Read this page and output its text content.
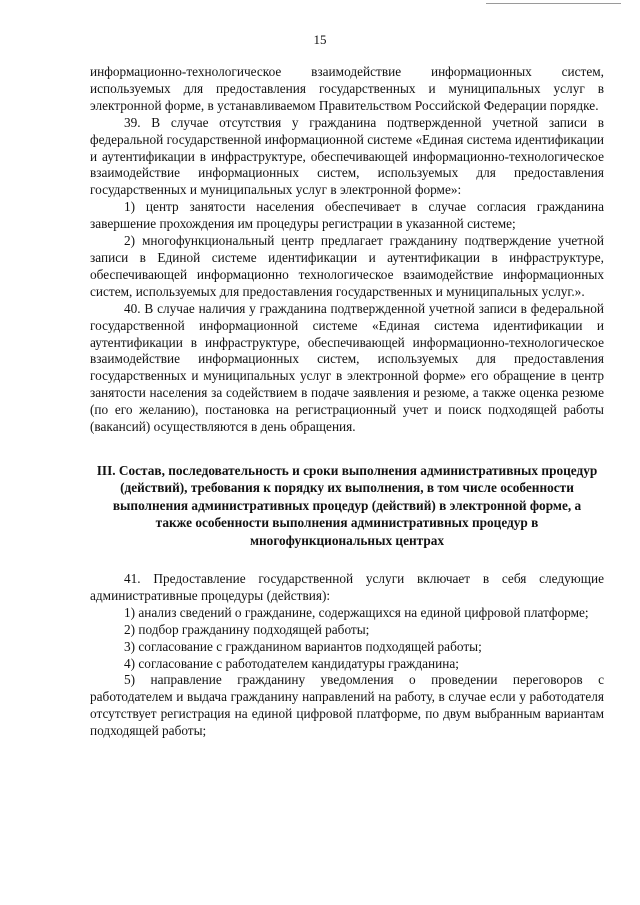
15

информационно-технологическое взаимодействие информационных систем, используемых для предоставления государственных и муниципальных услуг в электронной форме, в устанавливаемом Правительством Российской Федерации порядке.

39. В случае отсутствия у гражданина подтвержденной учетной записи в федеральной государственной информационной системе «Единая система идентификации и аутентификации в инфраструктуре, обеспечивающей информационно-технологическое взаимодействие информационных систем, используемых для предоставления государственных и муниципальных услуг в электронной форме»:

1) центр занятости населения обеспечивает в случае согласия гражданина завершение прохождения им процедуры регистрации в указанной системе;

2) многофункциональный центр предлагает гражданину подтверждение учетной записи в Единой системе идентификации и аутентификации в инфраструктуре, обеспечивающей информационно технологическое взаимодействие информационных систем, используемых для предоставления государственных и муниципальных услуг.».

40. В случае наличия у гражданина подтвержденной учетной записи в федеральной государственной информационной системе «Единая система идентификации и аутентификации в инфраструктуре, обеспечивающей информационно-технологическое взаимодействие информационных систем, используемых для предоставления государственных и муниципальных услуг в электронной форме» его обращение в центр занятости населения за содействием в подаче заявления и резюме, а также оценка резюме (по его желанию), постановка на регистрационный учет и поиск подходящей работы (вакансий) осуществляются в день обращения.

III. Состав, последовательность и сроки выполнения административных процедур (действий), требования к порядку их выполнения, в том числе особенности выполнения административных процедур (действий) в электронной форме, а также особенности выполнения административных процедур в многофункциональных центрах

41. Предоставление государственной услуги включает в себя следующие административные процедуры (действия):

1) анализ сведений о гражданине, содержащихся на единой цифровой платформе;

2) подбор гражданину подходящей работы;

3) согласование с гражданином вариантов подходящей работы;

4) согласование с работодателем кандидатуры гражданина;

5) направление гражданину уведомления о проведении переговоров с работодателем и выдача гражданину направлений на работу, в случае если у работодателя отсутствует регистрация на единой цифровой платформе, по двум выбранным вариантам подходящей работы;
